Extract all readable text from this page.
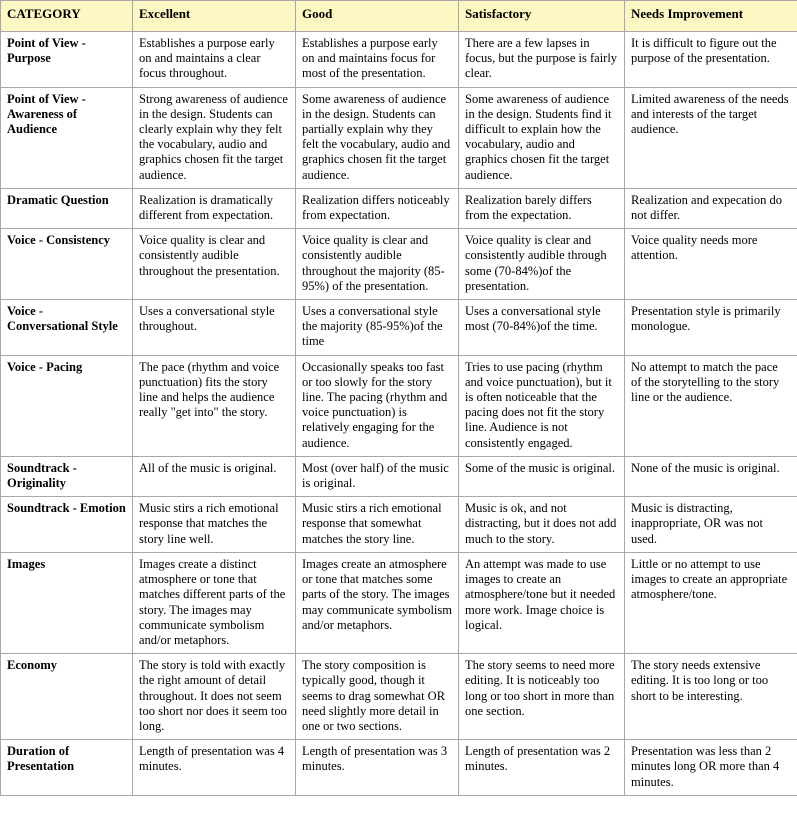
CATEGORY	Excellent	Good	Satisfactory	Needs Improvement
Point of View - Purpose	Establishes a purpose early on and maintains a clear focus throughout.	Establishes a purpose early on and maintains focus for most of the presentation.	There are a few lapses in focus, but the purpose is fairly clear.	It is difficult to figure out the purpose of the presentation.
Point of View - Awareness of Audience	Strong awareness of audience in the design. Students can clearly explain why they felt the vocabulary, audio and graphics chosen fit the target audience.	Some awareness of audience in the design. Students can partially explain why they felt the vocabulary, audio and graphics chosen fit the target audience.	Some awareness of audience in the design. Students find it difficult to explain how the vocabulary, audio and graphics chosen fit the target audience.	Limited awareness of the needs and interests of the target audience.
Dramatic Question	Realization is dramatically different from expectation.	Realization differs noticeably from expectation.	Realization barely differs from the expectation.	Realization and expecation do not differ.
Voice - Consistency	Voice quality is clear and consistently audible throughout the presentation.	Voice quality is clear and consistently audible throughout the majority (85-95%) of the presentation.	Voice quality is clear and consistently audible through some (70-84%)of the presentation.	Voice quality needs more attention.
Voice - Conversational Style	Uses a conversational style throughout.	Uses a conversational style the majority (85-95%)of the time	Uses a conversational style most (70-84%)of the time.	Presentation style is primarily monologue.
Voice - Pacing	The pace (rhythm and voice punctuation) fits the story line and helps the audience really "get into" the story.	Occasionally speaks too fast or too slowly for the story line. The pacing (rhythm and voice punctuation) is relatively engaging for the audience.	Tries to use pacing (rhythm and voice punctuation), but it is often noticeable that the pacing does not fit the story line. Audience is not consistently engaged.	No attempt to match the pace of the storytelling to the story line or the audience.
Soundtrack - Originality	All of the music is original.	Most (over half) of the music is original.	Some of the music is original.	None of the music is original.
Soundtrack - Emotion	Music stirs a rich emotional response that matches the story line well.	Music stirs a rich emotional response that somewhat matches the story line.	Music is ok, and not distracting, but it does not add much to the story.	Music is distracting, inappropriate, OR was not used.
Images	Images create a distinct atmosphere or tone that matches different parts of the story. The images may communicate symbolism and/or metaphors.	Images create an atmosphere or tone that matches some parts of the story. The images may communicate symbolism and/or metaphors.	An attempt was made to use images to create an atmosphere/tone but it needed more work. Image choice is logical.	Little or no attempt to use images to create an appropriate atmosphere/tone.
Economy	The story is told with exactly the right amount of detail throughout. It does not seem too short nor does it seem too long.	The story composition is typically good, though it seems to drag somewhat OR need slightly more detail in one or two sections.	The story seems to need more editing. It is noticeably too long or too short in more than one section.	The story needs extensive editing. It is too long or too short to be interesting.
Duration of Presentation	Length of presentation was 4 minutes.	Length of presentation was 3 minutes.	Length of presentation was 2 minutes.	Presentation was less than 2 minutes long OR more than 4 minutes.
